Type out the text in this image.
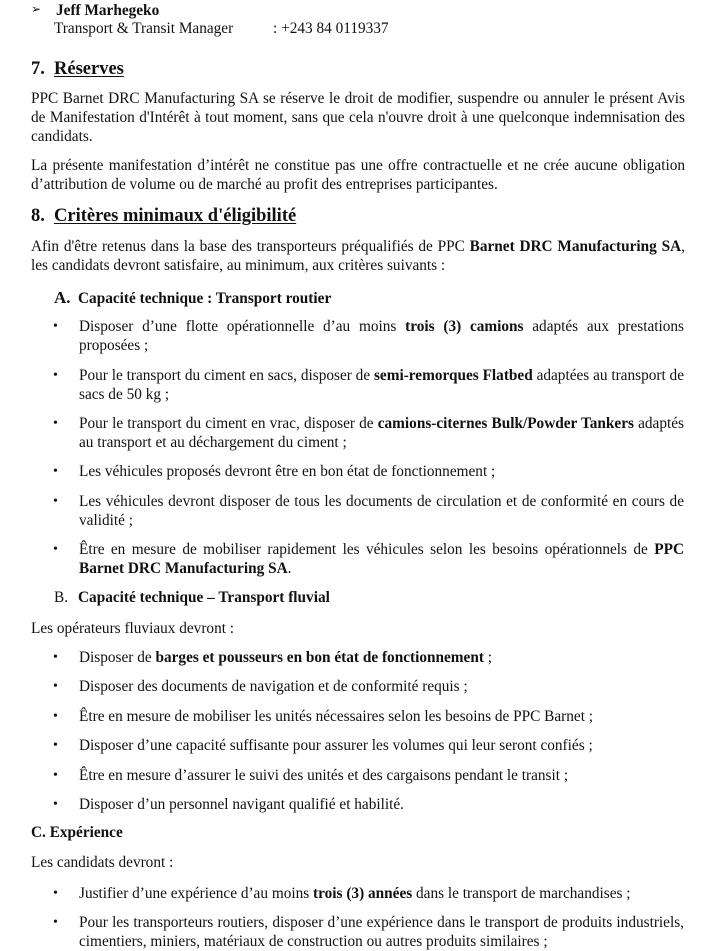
➢ Jeff Marhegeko
Transport & Transit Manager	: +243 84 0119337
7. Réserves

PPC Barnet DRC Manufacturing SA se réserve le droit de modifier, suspendre ou annuler le présent Avis de Manifestation d'Intérêt à tout moment, sans que cela n'ouvre droit à une quelconque indemnisation des candidats.

La présente manifestation d’intérêt ne constitue pas une offre contractuelle et ne crée aucune obligation d’attribution de volume ou de marché au profit des entreprises participantes.

8. Critères minimaux d'éligibilité

Afin d'être retenus dans la base des transporteurs préqualifiés de PPC Barnet DRC Manufacturing SA, les candidats devront satisfaire, au minimum, aux critères suivants :

A. Capacité technique : Transport routier

• Disposer d’une flotte opérationnelle d’au moins trois (3) camions adaptés aux prestations proposées ;

• Pour le transport du ciment en sacs, disposer de semi-remorques Flatbed adaptées au transport de sacs de 50 kg ;

• Pour le transport du ciment en vrac, disposer de camions-citernes Bulk/Powder Tankers adaptés au transport et au déchargement du ciment ;

• Les véhicules proposés devront être en bon état de fonctionnement ;

• Les véhicules devront disposer de tous les documents de circulation et de conformité en cours de validité ;

• Être en mesure de mobiliser rapidement les véhicules selon les besoins opérationnels de PPC Barnet DRC Manufacturing SA.

B. Capacité technique – Transport fluvial

Les opérateurs fluviaux devront :

• Disposer de barges et pousseurs en bon état de fonctionnement ;

• Disposer des documents de navigation et de conformité requis ;

• Être en mesure de mobiliser les unités nécessaires selon les besoins de PPC Barnet ;

• Disposer d’une capacité suffisante pour assurer les volumes qui leur seront confiés ;

• Être en mesure d’assurer le suivi des unités et des cargaisons pendant le transit ;

• Disposer d’un personnel navigant qualifié et habilité.

C. Expérience

Les candidats devront :

• Justifier d’une expérience d’au moins trois (3) années dans le transport de marchandises ;

• Pour les transporteurs routiers, disposer d’une expérience dans le transport de produits industriels, cimentiers, miniers, matériaux de construction ou autres produits similaires ;
